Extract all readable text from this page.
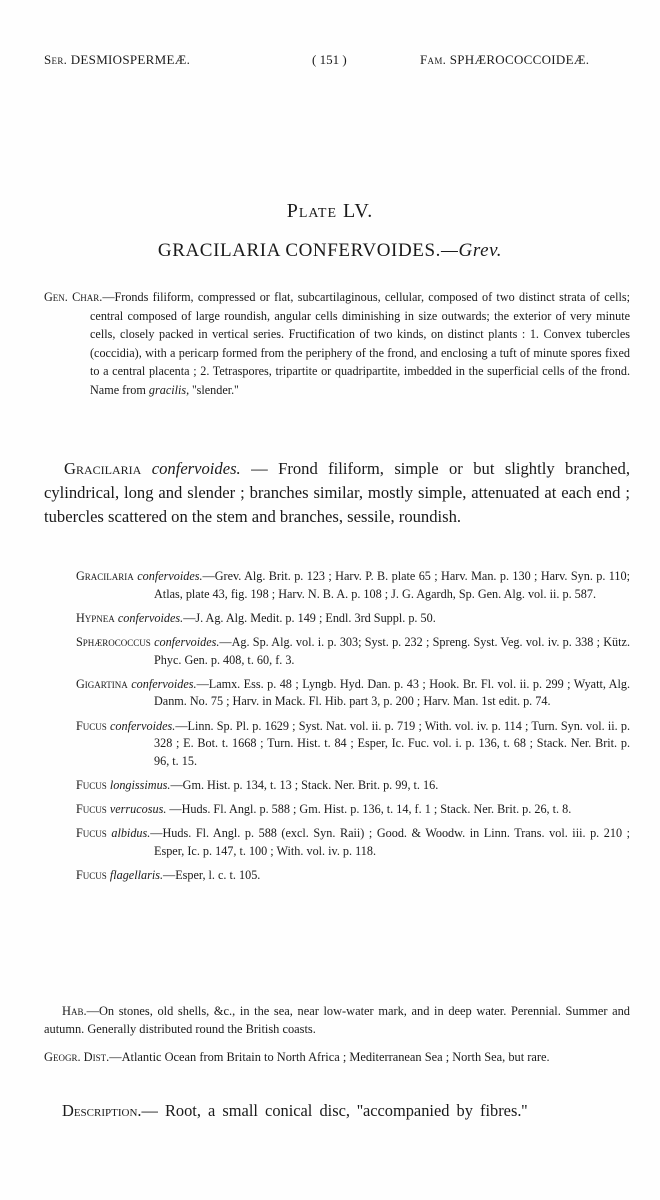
Ser. DESMIOSPERMEÆ.	( 151 )	Fam. SPHÆROCOCCOIDEÆ.
Plate LV.
GRACILARIA CONFERVOIDES.—Grev.
Gen. Char.—Fronds filiform, compressed or flat, subcartilaginous, cellular, composed of two distinct strata of cells; central composed of large roundish, angular cells diminishing in size outwards; the exterior of very minute cells, closely packed in vertical series. Fructification of two kinds, on distinct plants : 1. Convex tubercles (coccidia), with a pericarp formed from the periphery of the frond, and enclosing a tuft of minute spores fixed to a central placenta ; 2. Tetraspores, tripartite or quadripartite, imbedded in the superficial cells of the frond. Name from gracilis, ''slender.''
Gracilaria confervoides. — Frond filiform, simple or but slightly branched, cylindrical, long and slender ; branches similar, mostly simple, attenuated at each end ; tubercles scattered on the stem and branches, sessile, roundish.
Gracilaria confervoides.—Grev. Alg. Brit. p. 123 ; Harv. P. B. plate 65 ; Harv. Man. p. 130 ; Harv. Syn. p. 110; Atlas, plate 43, fig. 198 ; Harv. N. B. A. p. 108 ; J. G. Agardh, Sp. Gen. Alg. vol. ii. p. 587.
Hypnea confervoides.—J. Ag. Alg. Medit. p. 149 ; Endl. 3rd Suppl. p. 50.
Sphærococcus confervoides.—Ag. Sp. Alg. vol. i. p. 303; Syst. p. 232 ; Spreng. Syst. Veg. vol. iv. p. 338 ; Kütz. Phyc. Gen. p. 408, t. 60, f. 3.
Gigartina confervoides.—Lamx. Ess. p. 48 ; Lyngb. Hyd. Dan. p. 43 ; Hook. Br. Fl. vol. ii. p. 299 ; Wyatt, Alg. Danm. No. 75 ; Harv. in Mack. Fl. Hib. part 3, p. 200 ; Harv. Man. 1st edit. p. 74.
Fucus confervoides.—Linn. Sp. Pl. p. 1629 ; Syst. Nat. vol. ii. p. 719 ; With. vol. iv. p. 114 ; Turn. Syn. vol. ii. p. 328 ; E. Bot. t. 1668 ; Turn. Hist. t. 84 ; Esper, Ic. Fuc. vol. i. p. 136, t. 68 ; Stack. Ner. Brit. p. 96, t. 15.
Fucus longissimus.—Gm. Hist. p. 134, t. 13 ; Stack. Ner. Brit. p. 99, t. 16.
Fucus verrucosus. —Huds. Fl. Angl. p. 588 ; Gm. Hist. p. 136, t. 14, f. 1 ; Stack. Ner. Brit. p. 26, t. 8.
Fucus albidus.—Huds. Fl. Angl. p. 588 (excl. Syn. Raii) ; Good. & Woodw. in Linn. Trans. vol. iii. p. 210 ; Esper, Ic. p. 147, t. 100 ; With. vol. iv. p. 118.
Fucus flagellaris.—Esper, l. c. t. 105.
Hab.—On stones, old shells, &c., in the sea, near low-water mark, and in deep water. Perennial. Summer and autumn. Generally distributed round the British coasts.
Geogr. Dist.—Atlantic Ocean from Britain to North Africa ; Mediterranean Sea ; North Sea, but rare.
Description.— Root, a small conical disc, ''accompanied by fibres.''
